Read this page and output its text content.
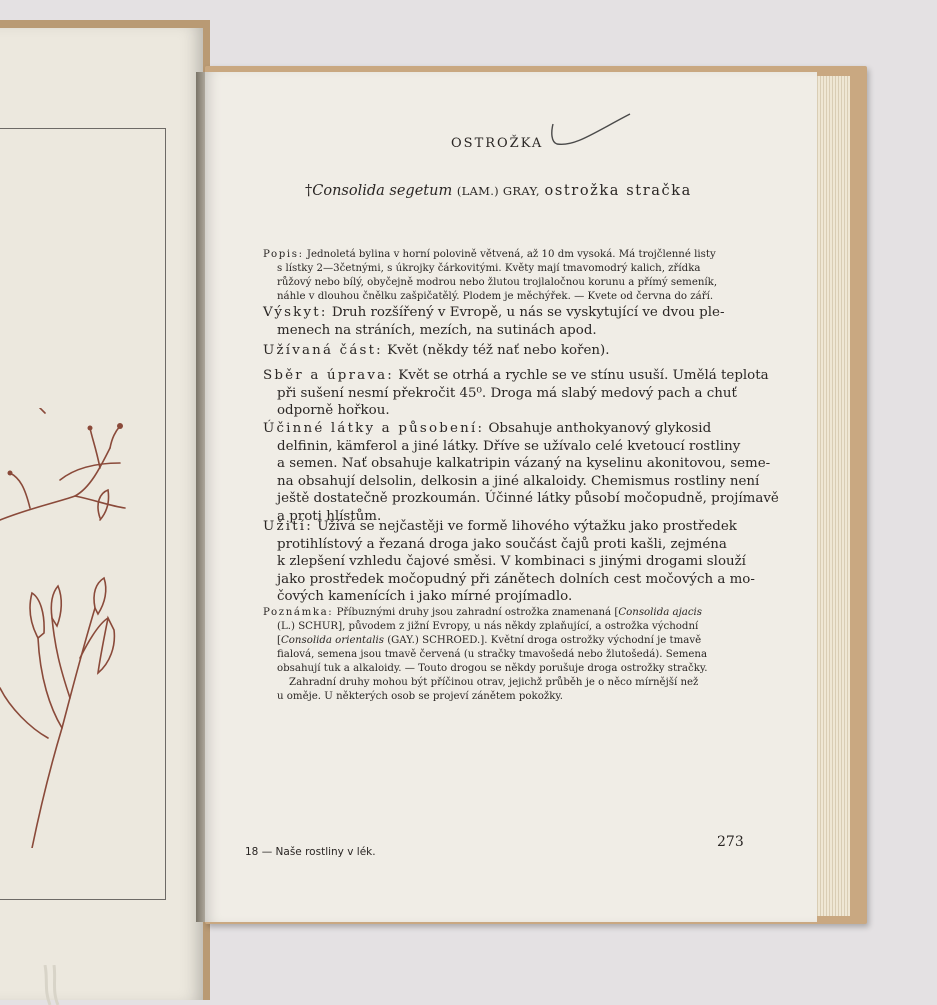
OSTROŽKA
†Consolida segetum (LAM.) GRAY, ostrožka stračka
Popis: Jednoletá bylina v horní polovině větvená, až 10 dm vysoká. Má trojčlenné listy
s lístky 2—3četnými, s úkrojky čárkovitými. Květy mají tmavomodrý kalich, zřídka
růžový nebo bílý, obyčejně modrou nebo žlutou trojlaločnou korunu a přímý semeník,
náhle v dlouhou čnělku zašpičatělý. Plodem je měchýřek. — Kvete od června do září.
Výskyt: Druh rozšířený v Evropě, u nás se vyskytující ve dvou ple-
menech na stráních, mezích, na sutinách apod.
Užívaná část: Květ (někdy též nať nebo kořen).
Sběr a úprava: Květ se otrhá a rychle se ve stínu usuší. Umělá teplota
při sušení nesmí překročit 45⁰. Droga má slabý medový pach a chuť
odporně hořkou.
Účinné látky a působení: Obsahuje anthokyanový glykosid
delfinin, kämferol a jiné látky. Dříve se užívalo celé kvetoucí rostliny
a semen. Nať obsahuje kalkatripin vázaný na kyselinu akonitovou, seme-
na obsahují delsolin, delkosin a jiné alkaloidy. Chemismus rostliny není
ještě dostatečně prozkoumán. Účinné látky působí močopudně, projímavě
a proti hlístům.
Užití: Užívá se nejčastěji ve formě lihového výtažku jako prostředek
protihlístový a řezaná droga jako součást čajů proti kašli, zejména
k zlepšení vzhledu čajové směsi. V kombinaci s jinými drogami slouží
jako prostředek močopudný při zánětech dolních cest močových a mo-
čových kamenících i jako mírné projímadlo.
Poznámka: Příbuznými druhy jsou zahradní ostrožka znamenaná [Consolida ajacis
(L.) SCHUR], původem z jižní Evropy, u nás někdy zplaňující, a ostrožka východní
[Consolida orientalis (GAY.) SCHROED.]. Květní droga ostrožky východní je tmavě
fialová, semena jsou tmavě červená (u stračky tmavošedá nebo žlutošedá). Semena
obsahují tuk a alkaloidy. — Touto drogou se někdy porušuje droga ostrožky stračky.
Zahradní druhy mohou být příčinou otrav, jejichž průběh je o něco mírnější než
u oměje. U některých osob se projeví zánětem pokožky.
18 — Naše rostliny v lék.
273
